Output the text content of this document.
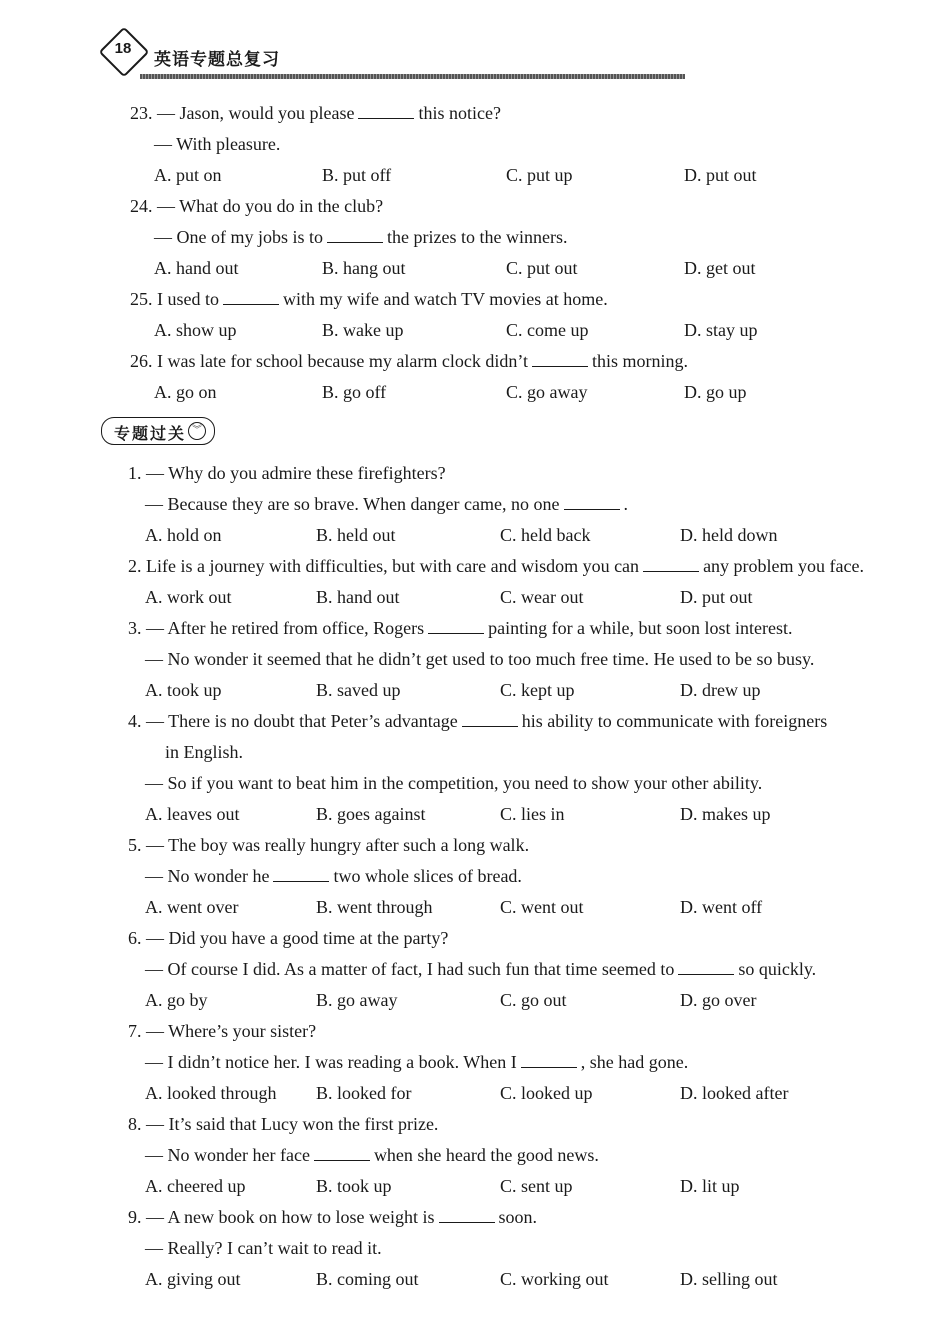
18
英语专题总复习
专题过关 ︾
23. — Jason, would you please	this notice?
— With pleasure.
A. put on	B. put off	C. put up	D. put out
24. — What do you do in the club?
— One of my jobs is to	the prizes to the winners.
A. hand out	B. hang out	C. put out	D. get out
25. I used to	with my wife and watch TV movies at home.
A. show up	B. wake up	C. come up	D. stay up
26. I was late for school because my alarm clock didn’t	this morning.
A. go on	B. go off	C. go away	D. go up
1. — Why do you admire these firefighters?
— Because they are so brave. When danger came, no one	.
A. hold on	B. held out	C. held back	D. held down
2. Life is a journey with difficulties, but with care and wisdom you can	any problem you face.
A. work out	B. hand out	C. wear out	D. put out
3. — After he retired from office, Rogers	painting for a while, but soon lost interest.
— No wonder it seemed that he didn’t get used to too much free time. He used to be so busy.
A. took up	B. saved up	C. kept up	D. drew up
4. — There is no doubt that Peter’s advantage	his ability to communicate with foreigners
in English.
— So if you want to beat him in the competition, you need to show your other ability.
A. leaves out	B. goes against	C. lies in	D. makes up
5. — The boy was really hungry after such a long walk.
— No wonder he	two whole slices of bread.
A. went over	B. went through	C. went out	D. went off
6. — Did you have a good time at the party?
— Of course I did. As a matter of fact, I had such fun that time seemed to	so quickly.
A. go by	B. go away	C. go out	D. go over
7. — Where’s your sister?
— I didn’t notice her. I was reading a book. When I	, she had gone.
A. looked through B. looked for	C. looked up	D. looked after
8. — It’s said that Lucy won the first prize.
— No wonder her face	when she heard the good news.
A. cheered up	B. took up	C. sent up	D. lit up
9. — A new book on how to lose weight is	soon.
— Really? I can’t wait to read it.
A. giving out	B. coming out	C. working out	D. selling out
